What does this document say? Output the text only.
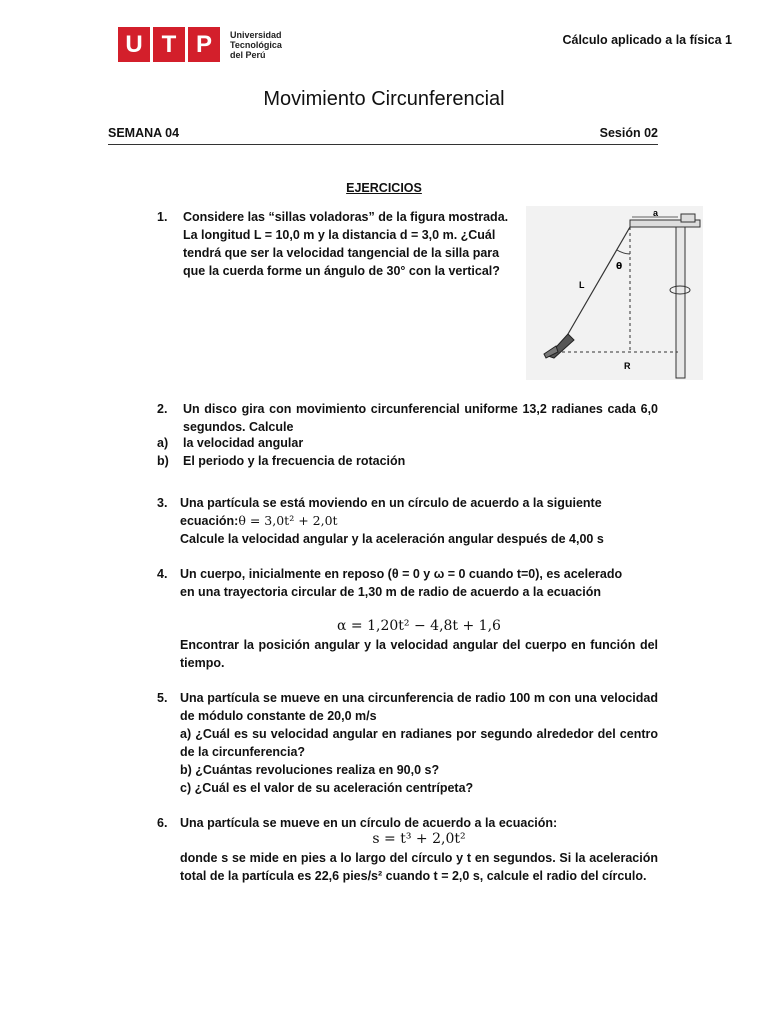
U T P	Universidad
Tecnológica
del Perú
Cálculo aplicado a la física 1
Movimiento Circunferencial
SEMANA 04	Sesión 02
EJERCICIOS
1.	Considere las “sillas voladoras” de la figura mostrada.
La longitud L = 10,0 m y la distancia d = 3,0 m. ¿Cuál
tendrá que ser la velocidad tangencial de la silla para
que la cuerda forme un ángulo de 30° con la vertical?
a
θ
L
R
2.	Un disco gira con movimiento circunferencial uniforme 13,2 radianes cada 6,0 segundos. Calcule
a) la velocidad angular
b) El periodo y la frecuencia de rotación
3.	Una partícula se está moviendo en un círculo de acuerdo a la siguiente
ecuación:θ = 3,0t² + 2,0t
Calcule la velocidad angular y la aceleración angular después de 4,00 s
4.	Un cuerpo, inicialmente en reposo (θ = 0 y ω = 0 cuando t=0), es acelerado
en una trayectoria circular de 1,30 m de radio de acuerdo a la ecuación
α = 1,20t² − 4,8t + 1,6
Encontrar la posición angular y la velocidad angular del cuerpo en función del tiempo.
5.	Una partícula se mueve en una circunferencia de radio 100 m con una velocidad de módulo constante de 20,0 m/s
a) ¿Cuál es su velocidad angular en radianes por segundo alrededor del centro de la circunferencia?
b) ¿Cuántas revoluciones realiza en 90,0 s?
c) ¿Cuál es el valor de su aceleración centrípeta?
6.	Una partícula se mueve en un círculo de acuerdo a la ecuación:
s = t³ + 2,0t²
donde s se mide en pies a lo largo del círculo y t en segundos. Si la aceleración total de la partícula es 22,6 pies/s² cuando t = 2,0 s, calcule el radio del círculo.
